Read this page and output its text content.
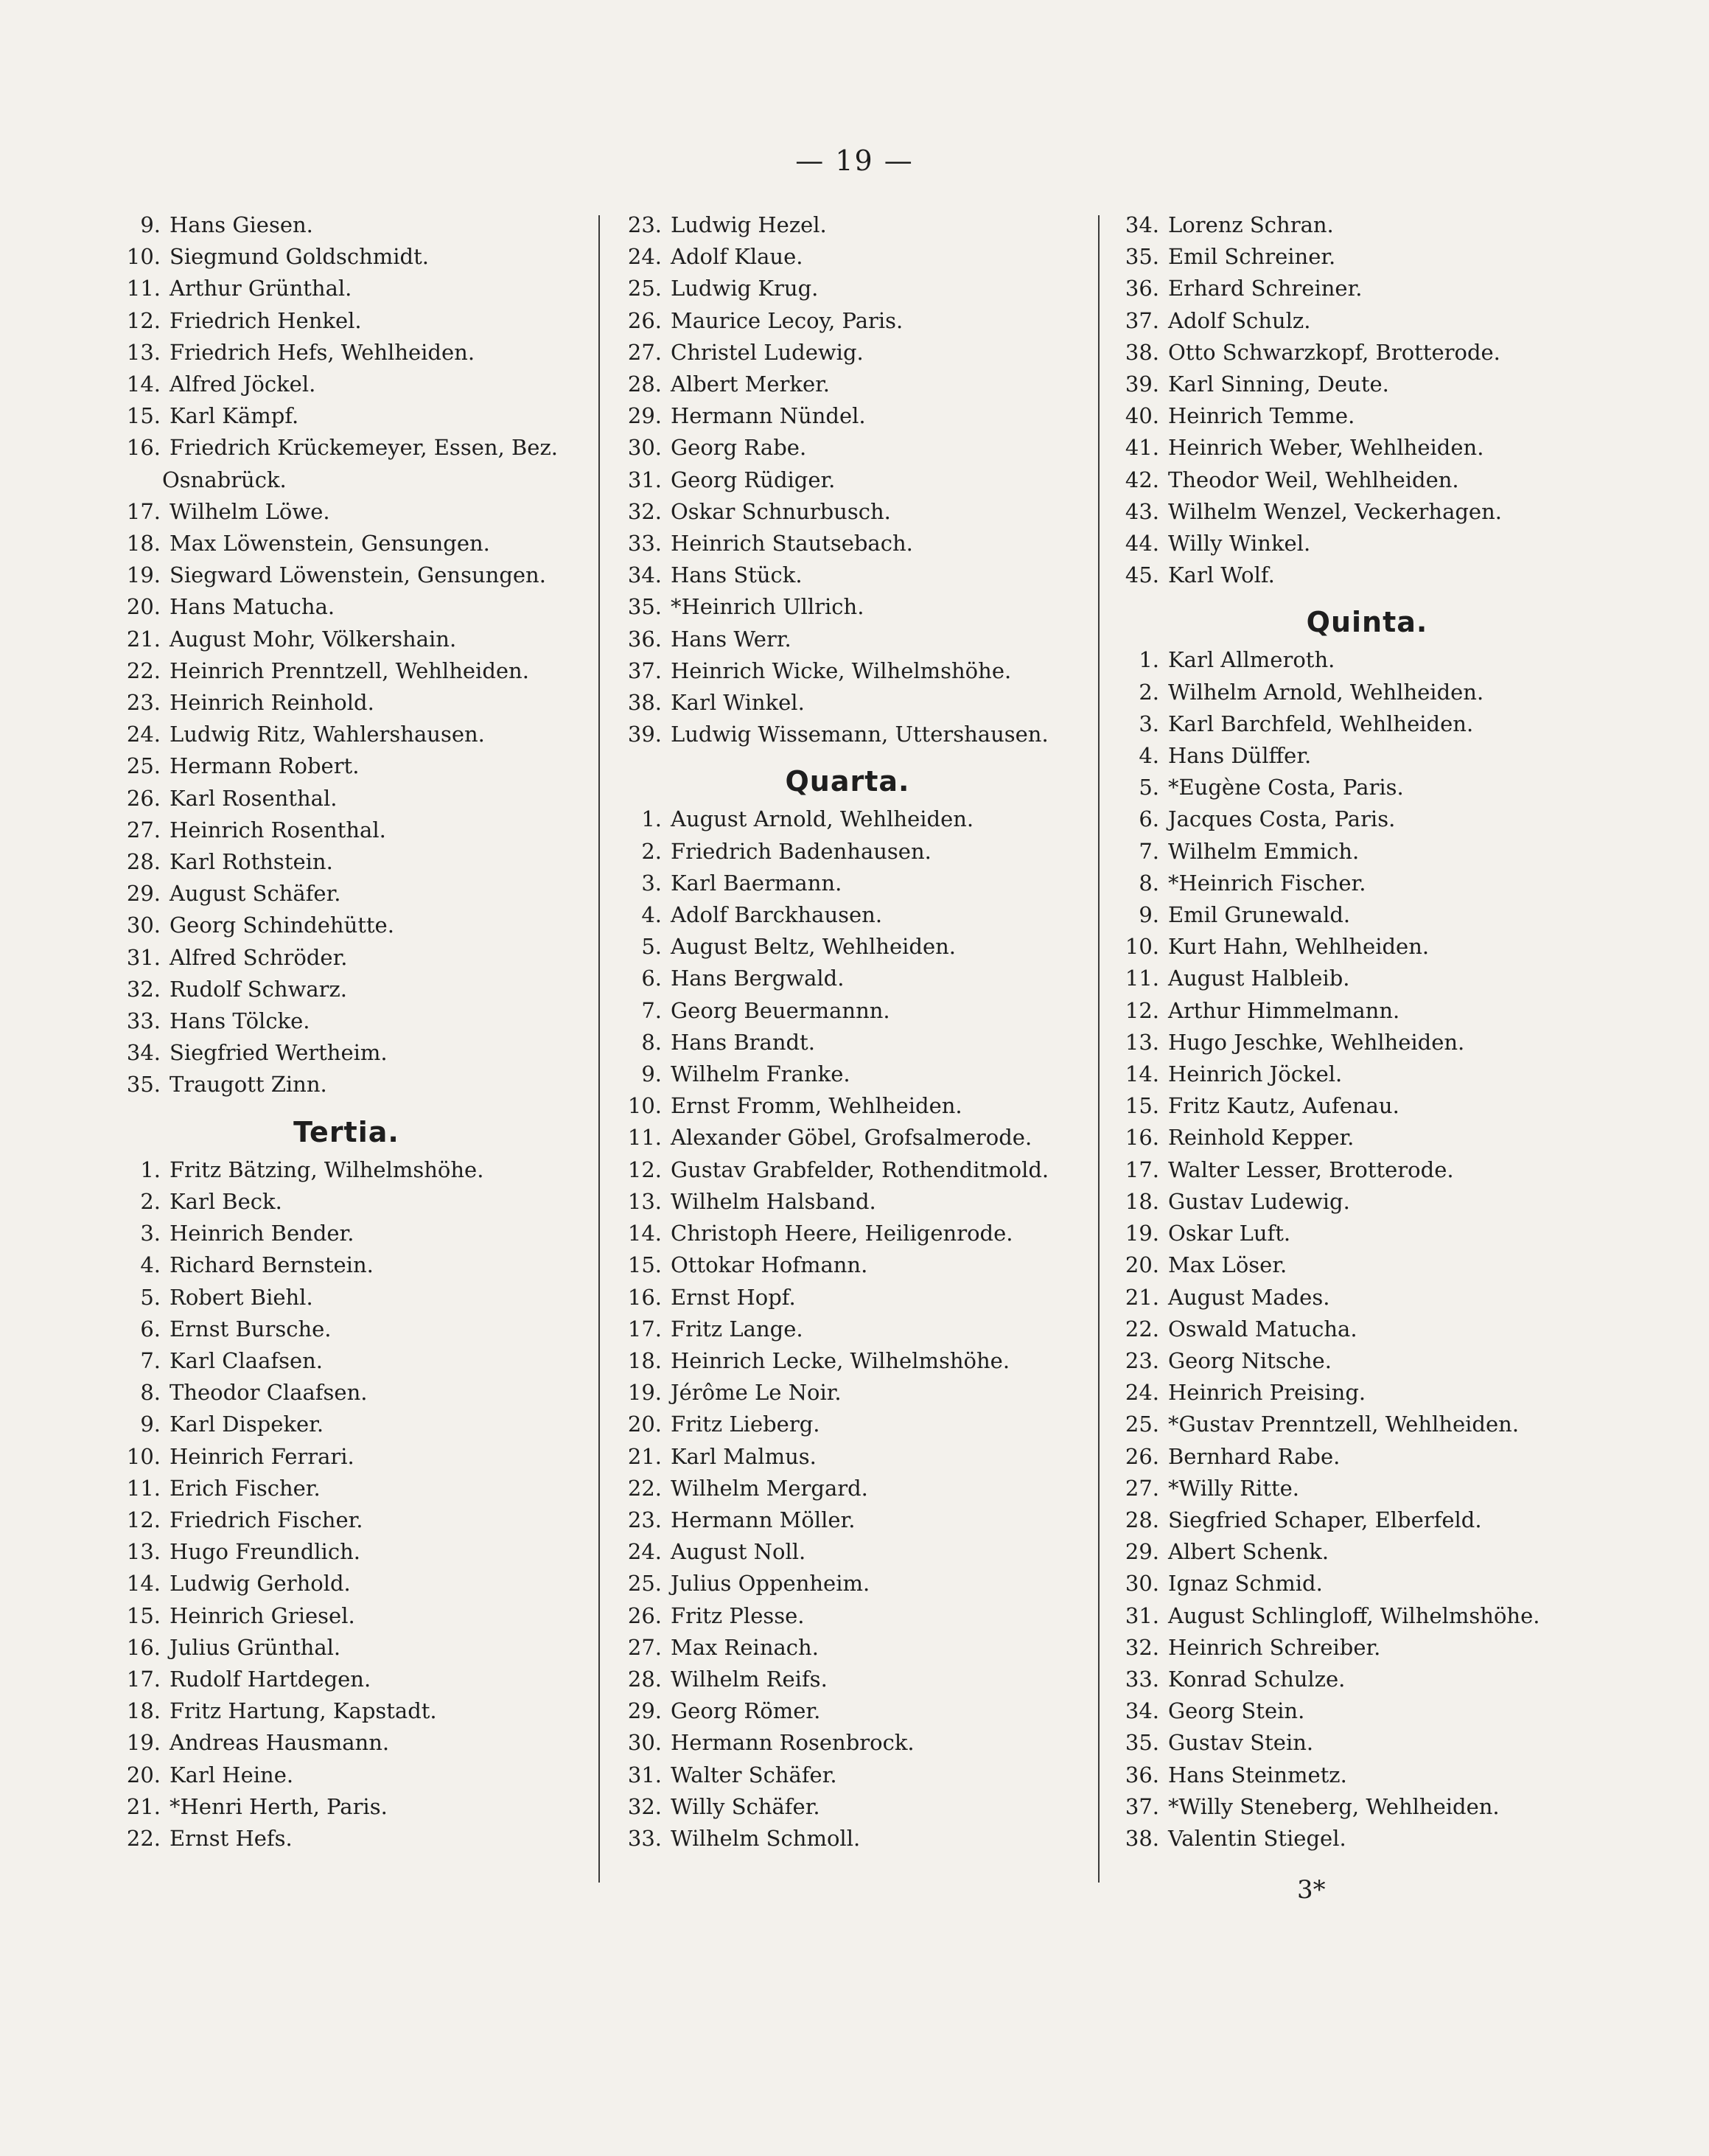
— 19 —
9. Hans Giesen.
10. Siegmund Goldschmidt.
11. Arthur Grünthal.
12. Friedrich Henkel.
13. Friedrich Hefs, Wehlheiden.
14. Alfred Jöckel.
15. Karl Kämpf.
16. Friedrich Krückemeyer, Essen, Bez.
Osnabrück.
17. Wilhelm Löwe.
18. Max Löwenstein, Gensungen.
19. Siegward Löwenstein, Gensungen.
20. Hans Matucha.
21. August Mohr, Völkershain.
22. Heinrich Prenntzell, Wehlheiden.
23. Heinrich Reinhold.
24. Ludwig Ritz, Wahlershausen.
25. Hermann Robert.
26. Karl Rosenthal.
27. Heinrich Rosenthal.
28. Karl Rothstein.
29. August Schäfer.
30. Georg Schindehütte.
31. Alfred Schröder.
32. Rudolf Schwarz.
33. Hans Tölcke.
34. Siegfried Wertheim.
35. Traugott Zinn.
Tertia.
1. Fritz Bätzing, Wilhelmshöhe.
2. Karl Beck.
3. Heinrich Bender.
4. Richard Bernstein.
5. Robert Biehl.
6. Ernst Bursche.
7. Karl Claafsen.
8. Theodor Claafsen.
9. Karl Dispeker.
10. Heinrich Ferrari.
11. Erich Fischer.
12. Friedrich Fischer.
13. Hugo Freundlich.
14. Ludwig Gerhold.
15. Heinrich Griesel.
16. Julius Grünthal.
17. Rudolf Hartdegen.
18. Fritz Hartung, Kapstadt.
19. Andreas Hausmann.
20. Karl Heine.
21. *Henri Herth, Paris.
22. Ernst Hefs.
23. Ludwig Hezel.
24. Adolf Klaue.
25. Ludwig Krug.
26. Maurice Lecoy, Paris.
27. Christel Ludewig.
28. Albert Merker.
29. Hermann Nündel.
30. Georg Rabe.
31. Georg Rüdiger.
32. Oskar Schnurbusch.
33. Heinrich Stautsebach.
34. Hans Stück.
35. *Heinrich Ullrich.
36. Hans Werr.
37. Heinrich Wicke, Wilhelmshöhe.
38. Karl Winkel.
39. Ludwig Wissemann, Uttershausen.
Quarta.
1. August Arnold, Wehlheiden.
2. Friedrich Badenhausen.
3. Karl Baermann.
4. Adolf Barckhausen.
5. August Beltz, Wehlheiden.
6. Hans Bergwald.
7. Georg Beuermannn.
8. Hans Brandt.
9. Wilhelm Franke.
10. Ernst Fromm, Wehlheiden.
11. Alexander Göbel, Grofsalmerode.
12. Gustav Grabfelder, Rothenditmold.
13. Wilhelm Halsband.
14. Christoph Heere, Heiligenrode.
15. Ottokar Hofmann.
16. Ernst Hopf.
17. Fritz Lange.
18. Heinrich Lecke, Wilhelmshöhe.
19. Jérôme Le Noir.
20. Fritz Lieberg.
21. Karl Malmus.
22. Wilhelm Mergard.
23. Hermann Möller.
24. August Noll.
25. Julius Oppenheim.
26. Fritz Plesse.
27. Max Reinach.
28. Wilhelm Reifs.
29. Georg Römer.
30. Hermann Rosenbrock.
31. Walter Schäfer.
32. Willy Schäfer.
33. Wilhelm Schmoll.
34. Lorenz Schran.
35. Emil Schreiner.
36. Erhard Schreiner.
37. Adolf Schulz.
38. Otto Schwarzkopf, Brotterode.
39. Karl Sinning, Deute.
40. Heinrich Temme.
41. Heinrich Weber, Wehlheiden.
42. Theodor Weil, Wehlheiden.
43. Wilhelm Wenzel, Veckerhagen.
44. Willy Winkel.
45. Karl Wolf.
Quinta.
1. Karl Allmeroth.
2. Wilhelm Arnold, Wehlheiden.
3. Karl Barchfeld, Wehlheiden.
4. Hans Dülffer.
5. *Eugène Costa, Paris.
6. Jacques Costa, Paris.
7. Wilhelm Emmich.
8. *Heinrich Fischer.
9. Emil Grunewald.
10. Kurt Hahn, Wehlheiden.
11. August Halbleib.
12. Arthur Himmelmann.
13. Hugo Jeschke, Wehlheiden.
14. Heinrich Jöckel.
15. Fritz Kautz, Aufenau.
16. Reinhold Kepper.
17. Walter Lesser, Brotterode.
18. Gustav Ludewig.
19. Oskar Luft.
20. Max Löser.
21. August Mades.
22. Oswald Matucha.
23. Georg Nitsche.
24. Heinrich Preising.
25. *Gustav Prenntzell, Wehlheiden.
26. Bernhard Rabe.
27. *Willy Ritte.
28. Siegfried Schaper, Elberfeld.
29. Albert Schenk.
30. Ignaz Schmid.
31. August Schlingloff, Wilhelmshöhe.
32. Heinrich Schreiber.
33. Konrad Schulze.
34. Georg Stein.
35. Gustav Stein.
36. Hans Steinmetz.
37. *Willy Steneberg, Wehlheiden.
38. Valentin Stiegel.
3*
